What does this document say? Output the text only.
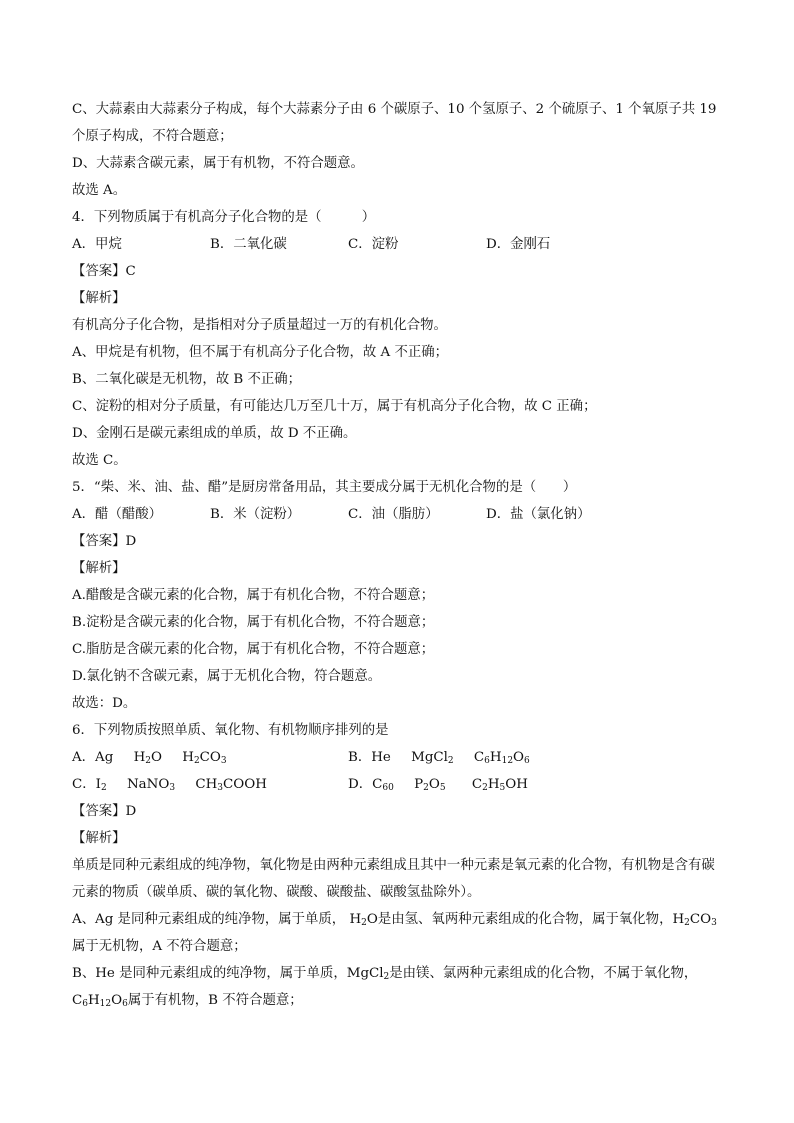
C、大蒜素由大蒜素分子构成，每个大蒜素分子由 6 个碳原子、10 个氢原子、2 个硫原子、1 个氧原子共 19 个原子构成，不符合题意；
D、大蒜素含碳元素，属于有机物，不符合题意。
故选 A。
4．下列物质属于有机高分子化合物的是（　　　）
A．甲烷	B．二氧化碳	C．淀粉	D．金刚石
【答案】C
【解析】
有机高分子化合物，是指相对分子质量超过一万的有机化合物。
A、甲烷是有机物，但不属于有机高分子化合物，故 A 不正确；
B、二氧化碳是无机物，故 B 不正确；
C、淀粉的相对分子质量，有可能达几万至几十万，属于有机高分子化合物，故 C 正确；
D、金刚石是碳元素组成的单质，故 D 不正确。
故选 C。
5．“柴、米、油、盐、醋”是厨房常备用品，其主要成分属于无机化合物的是（　　）
A．醋（醋酸）	B．米（淀粉）	C．油（脂肪）	D．盐（氯化钠）
【答案】D
【解析】
A.醋酸是含碳元素的化合物，属于有机化合物，不符合题意；
B.淀粉是含碳元素的化合物，属于有机化合物，不符合题意；
C.脂肪是含碳元素的化合物，属于有机化合物，不符合题意；
D.氯化钠不含碳元素，属于无机化合物，符合题意。
故选：D。
6．下列物质按照单质、氧化物、有机物顺序排列的是
A．Ag $H_2O$ $H_2CO_3$	B．He MgCl$_2$ $C_6H_{12}O_6$
C．$I_2$ NaNO$_3$ $CH_3COOH$	D．$C_{60}$ $P_2O_5$ $C_2H_5OH$
【答案】D
【解析】
单质是同种元素组成的纯净物，氧化物是由两种元素组成且其中一种元素是氧元素的化合物，有机物是含有碳元素的物质（碳单质、碳的氧化物、碳酸、碳酸盐、碳酸氢盐除外）。
A、Ag 是同种元素组成的纯净物，属于单质， $H_2O$是由氢、氧两种元素组成的化合物，属于氧化物，$H_2CO_3$属于无机物，A 不符合题意；
B、He 是同种元素组成的纯净物，属于单质，MgCl$_2$是由镁、氯两种元素组成的化合物，不属于氧化物，$C_6H_{12}O_6$属于有机物，B 不符合题意；
